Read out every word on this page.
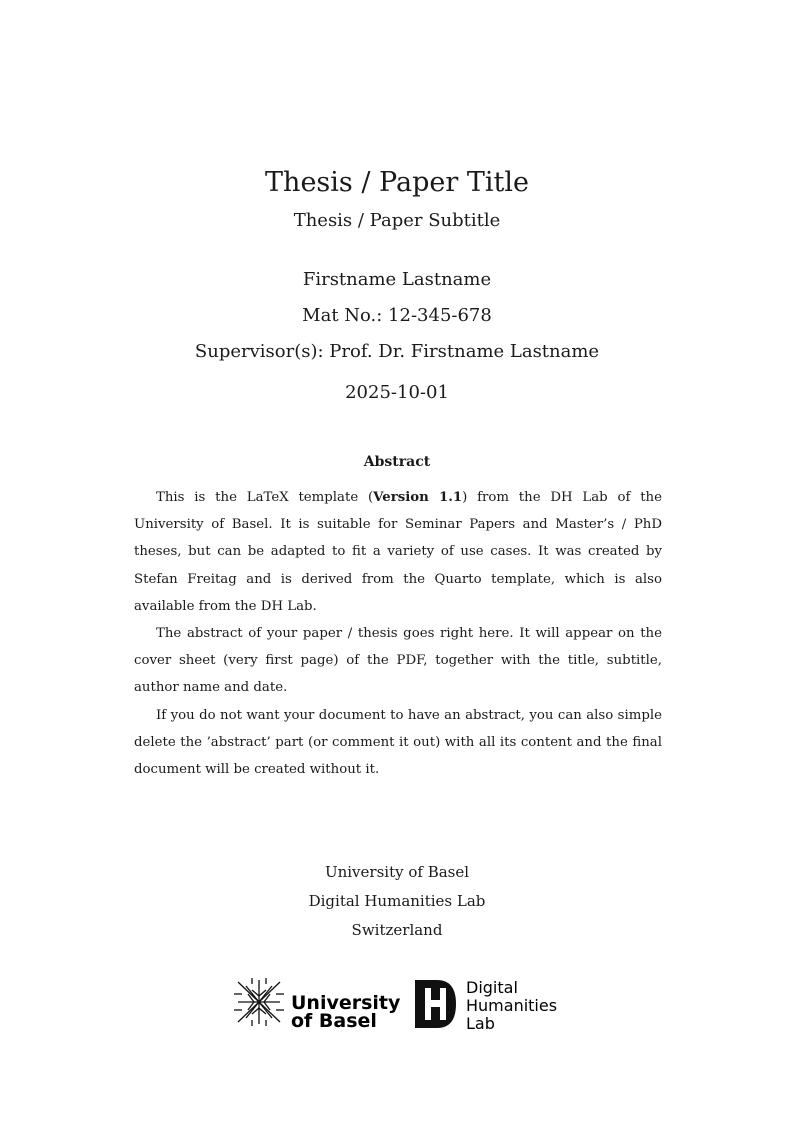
Thesis / Paper Title
Thesis / Paper Subtitle
Firstname Lastname
Mat No.: 12-345-678
Supervisor(s): Prof. Dr. Firstname Lastname
2025-10-01
Abstract

This is the LaTeX template (Version 1.1) from the DH Lab of the University of Basel. It is suitable for Seminar Papers and Master’s / PhD theses, but can be adapted to fit a variety of use cases. It was created by Stefan Freitag and is derived from the Quarto template, which is also available from the DH Lab.

The abstract of your paper / thesis goes right here. It will appear on the cover sheet (very first page) of the PDF, together with the title, subtitle, author name and date.

If you do not want your document to have an abstract, you can also simple delete the ’abstract’ part (or comment it out) with all its content and the final document will be created without it.

University of Basel
Digital Humanities Lab
Switzerland
University
of Basel
Digital
Humanities
Lab
